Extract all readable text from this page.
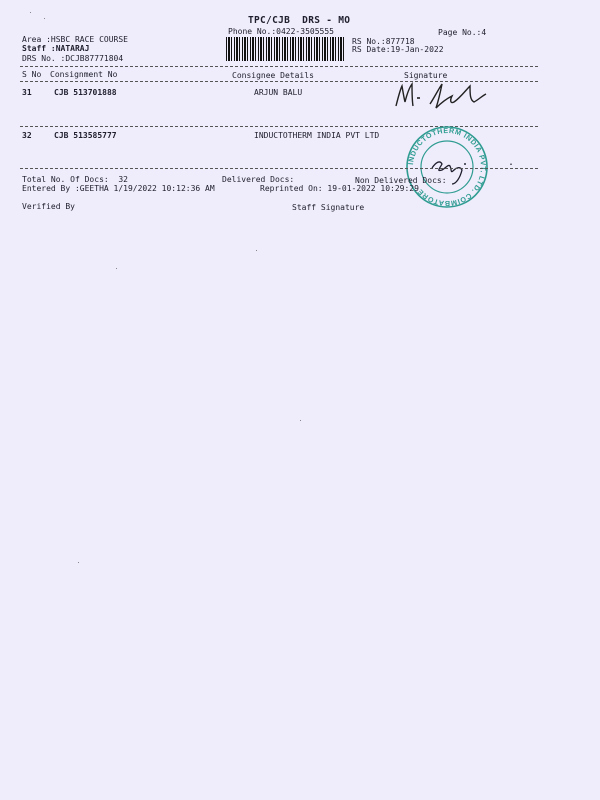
TPC/CJB  DRS - MO
Phone No.:0422-3505555	Page No.:4
Area :HSBC RACE COURSE
Staff :NATARAJ
DRS No. :DCJB87771804
RS No.:877718
RS Date:19-Jan-2022
S No Consignment No	Consignee Details	Signature
31	CJB 513701888	ARJUN BALU
32	CJB 513585777	INDUCTOTHERM INDIA PVT LTD
INDUCTOTHERM INDIA PVT. LTD. COIMBATORE
.
Total No. Of Docs:  32	Delivered Docs:	Non Delivered Docs:
Entered By :GEETHA 1/19/2022 10:12:36 AM	Reprinted On: 19-01-2022 10:29:29
Verified By	Staff Signature
